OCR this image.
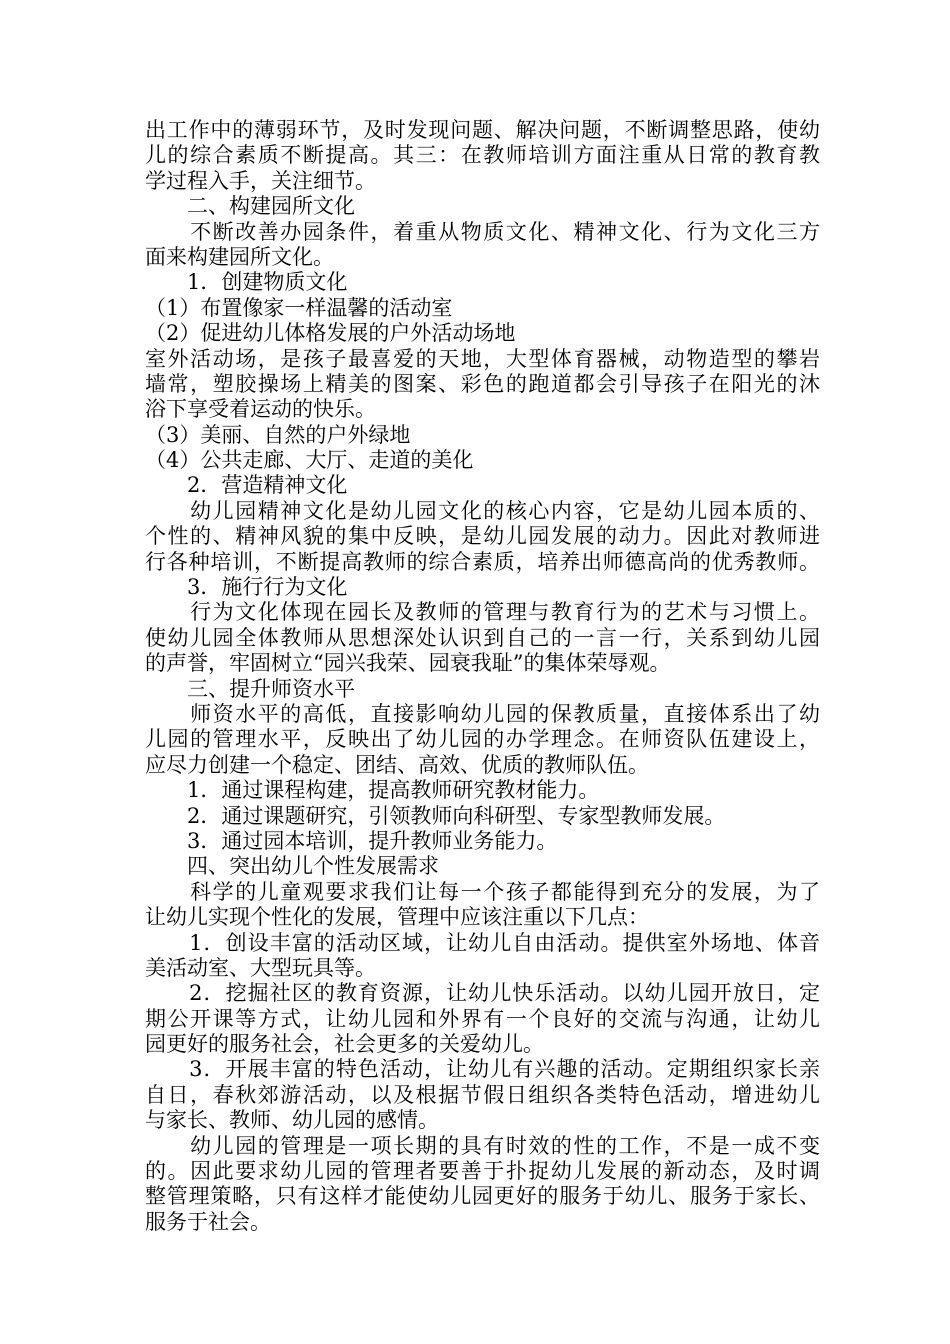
出工作中的薄弱环节，及时发现问题、解决问题，不断调整思路，使幼
儿的综合素质不断提高。其三：在教师培训方面注重从日常的教育教
学过程入手，关注细节。
　　二、构建园所文化
　　不断改善办园条件，着重从物质文化、精神文化、行为文化三方
面来构建园所文化。
　　1．创建物质文化
（1）布置像家一样温馨的活动室
（2）促进幼儿体格发展的户外活动场地
室外活动场，是孩子最喜爱的天地，大型体育器械，动物造型的攀岩
墙常，塑胶操场上精美的图案、彩色的跑道都会引导孩子在阳光的沐
浴下享受着运动的快乐。
（3）美丽、自然的户外绿地
（4）公共走廊、大厅、走道的美化
　　2．营造精神文化
　　幼儿园精神文化是幼儿园文化的核心内容，它是幼儿园本质的、
个性的、精神风貌的集中反映，是幼儿园发展的动力。因此对教师进
行各种培训，不断提高教师的综合素质，培养出师德高尚的优秀教师。
　　3．施行行为文化
　　行为文化体现在园长及教师的管理与教育行为的艺术与习惯上。
使幼儿园全体教师从思想深处认识到自己的一言一行，关系到幼儿园
的声誉，牢固树立“园兴我荣、园衰我耻”的集体荣辱观。
　　三、提升师资水平
　　师资水平的高低，直接影响幼儿园的保教质量，直接体系出了幼
儿园的管理水平，反映出了幼儿园的办学理念。在师资队伍建设上，
应尽力创建一个稳定、团结、高效、优质的教师队伍。
　　1．通过课程构建，提高教师研究教材能力。
　　2．通过课题研究，引领教师向科研型、专家型教师发展。
　　3．通过园本培训，提升教师业务能力。
　　四、突出幼儿个性发展需求
　　科学的儿童观要求我们让每一个孩子都能得到充分的发展，为了
让幼儿实现个性化的发展，管理中应该注重以下几点：
　　1．创设丰富的活动区域，让幼儿自由活动。提供室外场地、体音
美活动室、大型玩具等。
　　2．挖掘社区的教育资源，让幼儿快乐活动。以幼儿园开放日，定
期公开课等方式，让幼儿园和外界有一个良好的交流与沟通，让幼儿
园更好的服务社会，社会更多的关爱幼儿。
　　3．开展丰富的特色活动，让幼儿有兴趣的活动。定期组织家长亲
自日，春秋郊游活动，以及根据节假日组织各类特色活动，增进幼儿
与家长、教师、幼儿园的感情。
　　幼儿园的管理是一项长期的具有时效的性的工作，不是一成不变
的。因此要求幼儿园的管理者要善于扑捉幼儿发展的新动态，及时调
整管理策略，只有这样才能使幼儿园更好的服务于幼儿、服务于家长、
服务于社会。
